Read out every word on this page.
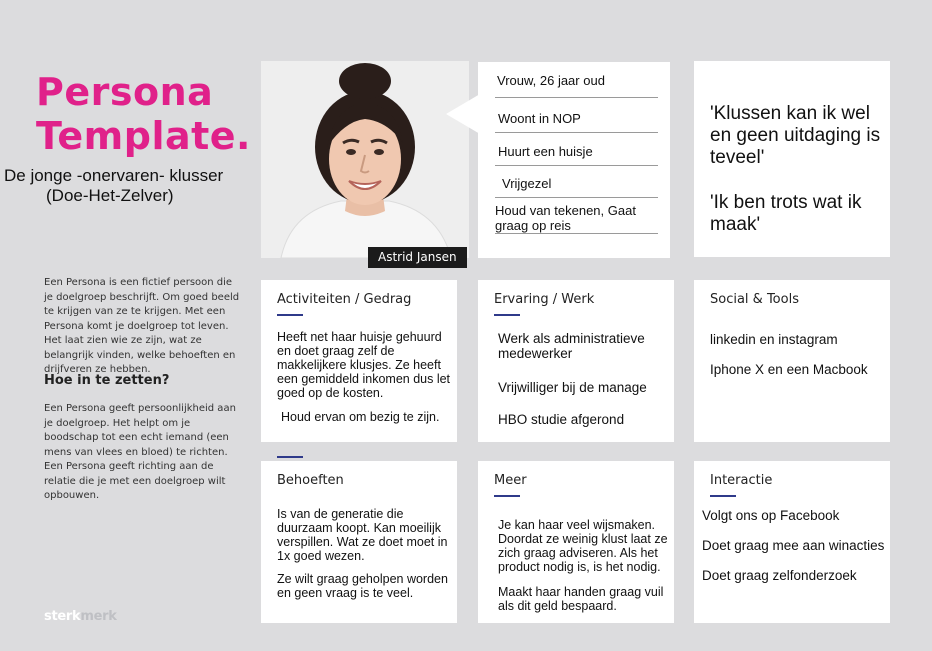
Persona
Template.
De jonge -onervaren- klusser
(Doe-Het-Zelver)
Een Persona is een fictief persoon die je doelgroep beschrijft. Om goed beeld te krijgen van ze te krijgen. Met een Persona komt je doelgroep tot leven. Het laat zien wie ze zijn, wat ze belangrijk vinden, welke behoeften en drijfveren ze hebben.
Hoe in te zetten?
Een Persona geeft persoonlijkheid aan je doelgroep. Het helpt om je boodschap tot een echt iemand (een mens van vlees en bloed) te richten.
Een Persona geeft richting aan de relatie die je met een doelgroep wilt opbouwen.
sterkmerk
Astrid Jansen
Vrouw, 26 jaar oud
Woont in NOP
Huurt een huisje
Vrijgezel
Houd van tekenen, Gaat graag op reis
'Klussen kan ik wel en geen uitdaging is teveel'
'Ik ben trots wat ik maak'
Activiteiten / Gedrag
Heeft net haar huisje gehuurd en doet graag zelf de makkelijkere klusjes. Ze heeft een gemiddeld inkomen dus let goed op de kosten.
Houd ervan om bezig te zijn.
Ervaring / Werk
Werk als administratieve medewerker
Vrijwilliger bij de manage
HBO studie afgerond
Social & Tools
linkedin en instagram
Iphone X en een Macbook
Behoeften
Is van de generatie die duurzaam koopt. Kan moeilijk verspillen. Wat ze doet moet in 1x goed wezen.
Ze wilt graag geholpen worden en geen vraag is te veel.
Meer
Je kan haar veel wijsmaken. Doordat ze weinig klust laat ze zich graag adviseren. Als het product nodig is, is het nodig.
Maakt haar handen graag vuil als dit geld bespaard.
Interactie
Volgt ons op Facebook
Doet graag mee aan winacties
Doet graag zelfonderzoek
